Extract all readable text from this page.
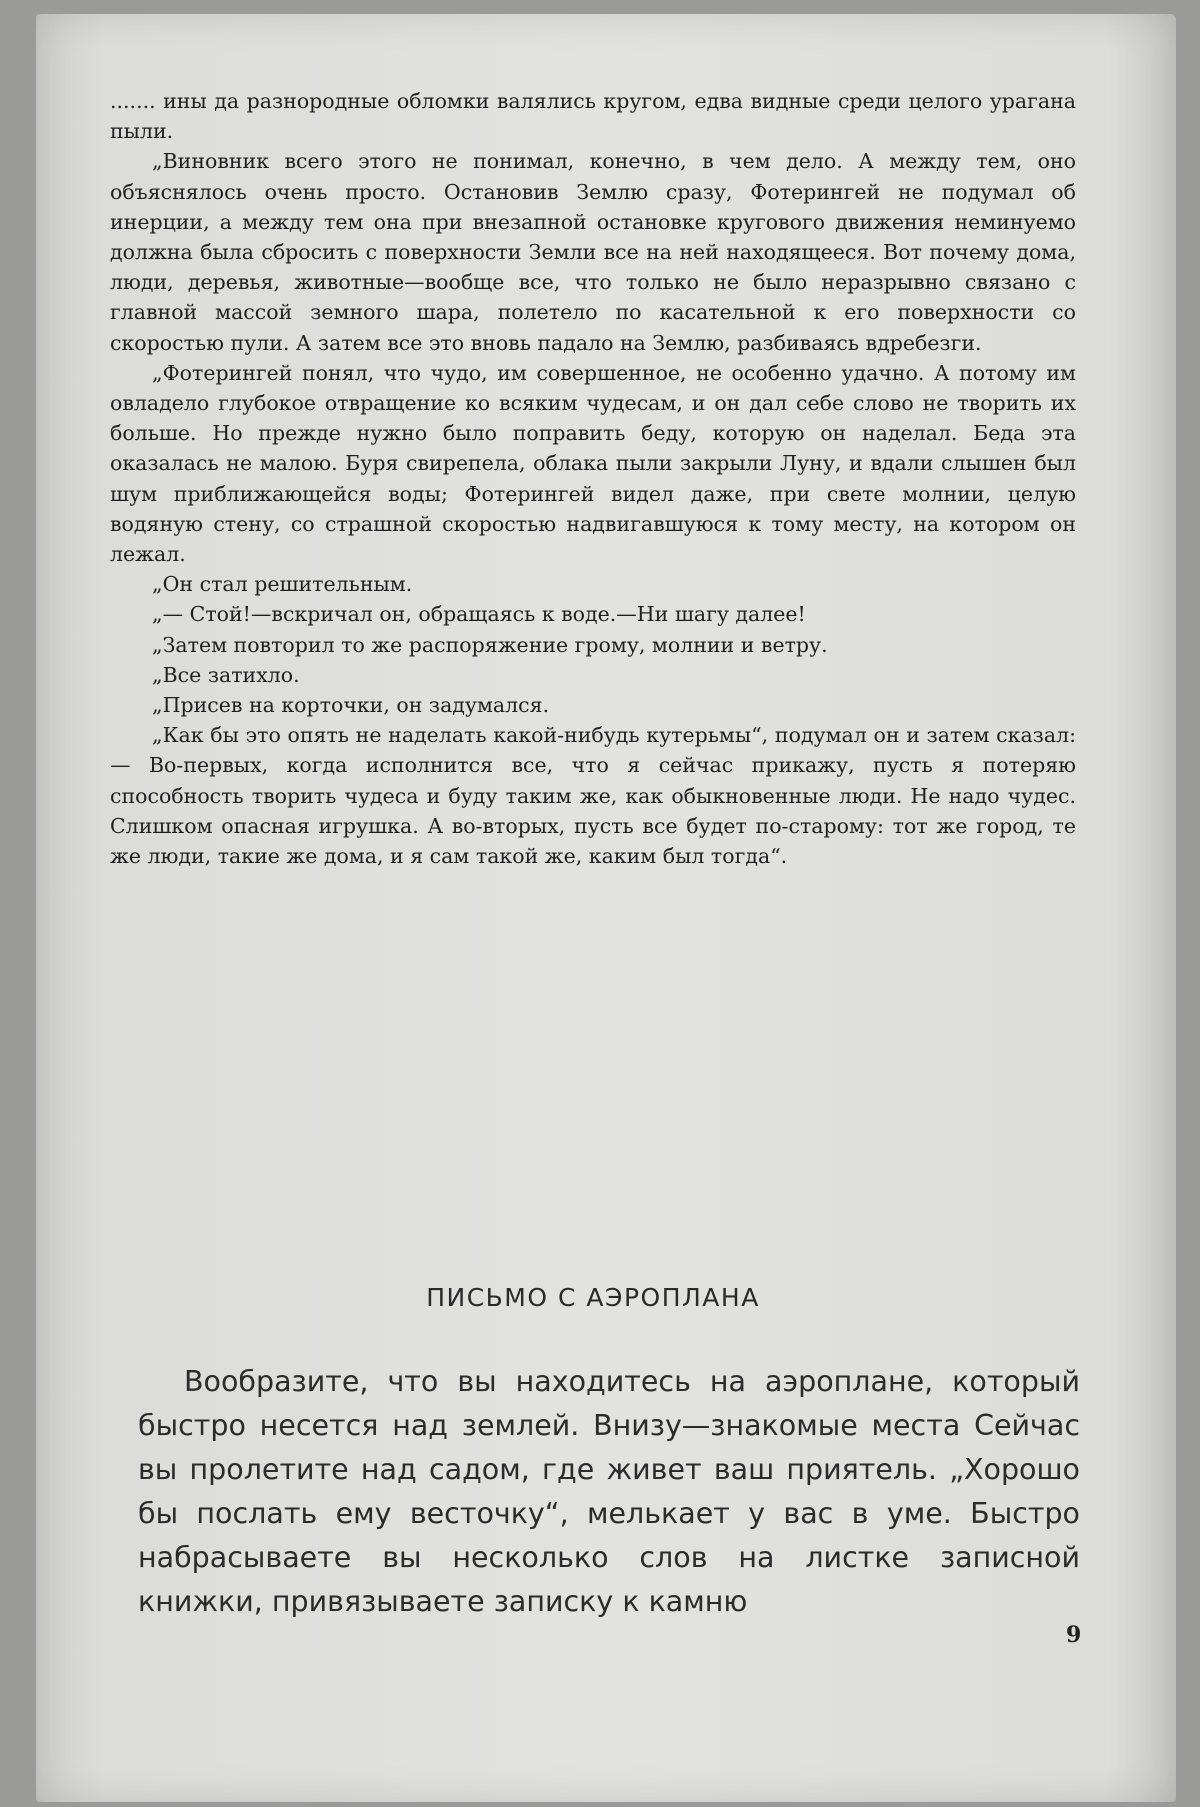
....... ины да разнородные обломки валялись кругом, едва видные среди целого урагана пыли.

„Виновник всего этого не понимал, конечно, в чем дело. А между тем, оно объяснялось очень просто. Остановив Землю сразу, Фотерингей не подумал об инерции, а между тем она при внезапной остановке кругового движения неминуемо должна была сбросить с поверхности Земли все на ней находящееся. Вот почему дома, люди, деревья, животные—вообще все, что только не было неразрывно связано с главной массой земного шара, полетело по касательной к его поверхности со скоростью пули. А затем все это вновь падало на Землю, разбиваясь вдребезги.

„Фотерингей понял, что чудо, им совершенное, не особенно удачно. А потому им овладело глубокое отвращение ко всяким чудесам, и он дал себе слово не творить их больше. Но прежде нужно было поправить беду, которую он наделал. Беда эта оказалась не малою. Буря свирепела, облака пыли закрыли Луну, и вдали слышен был шум приближающейся воды; Фотерингей видел даже, при свете молнии, целую водяную стену, со страшной скоростью надвигавшуюся к тому месту, на котором он лежал.

„Он стал решительным.

„— Стой!—вскричал он, обращаясь к воде.—Ни шагу далее!

„Затем повторил то же распоряжение грому, молнии и ветру.

„Все затихло.

„Присев на корточки, он задумался.

„Как бы это опять не наделать какой-нибудь кутерьмы“, подумал он и затем сказал: — Во-первых, когда исполнится все, что я сейчас прикажу, пусть я потеряю способность творить чудеса и буду таким же, как обыкновенные люди. Не надо чудес. Слишком опасная игрушка. А во-вторых, пусть все будет по-старому: тот же город, те же люди, такие же дома, и я сам такой же, каким был тогда“.

ПИСЬМО С АЭРОПЛАНА

Вообразите, что вы находитесь на аэроплане, который быстро несется над землей. Внизу—знакомые места Сейчас вы пролетите над садом, где живет ваш приятель. „Хорошо бы послать ему весточку“, мелькает у вас в уме. Быстро набрасываете вы несколько слов на листке записной книжки, привязываете записку к камню

9
